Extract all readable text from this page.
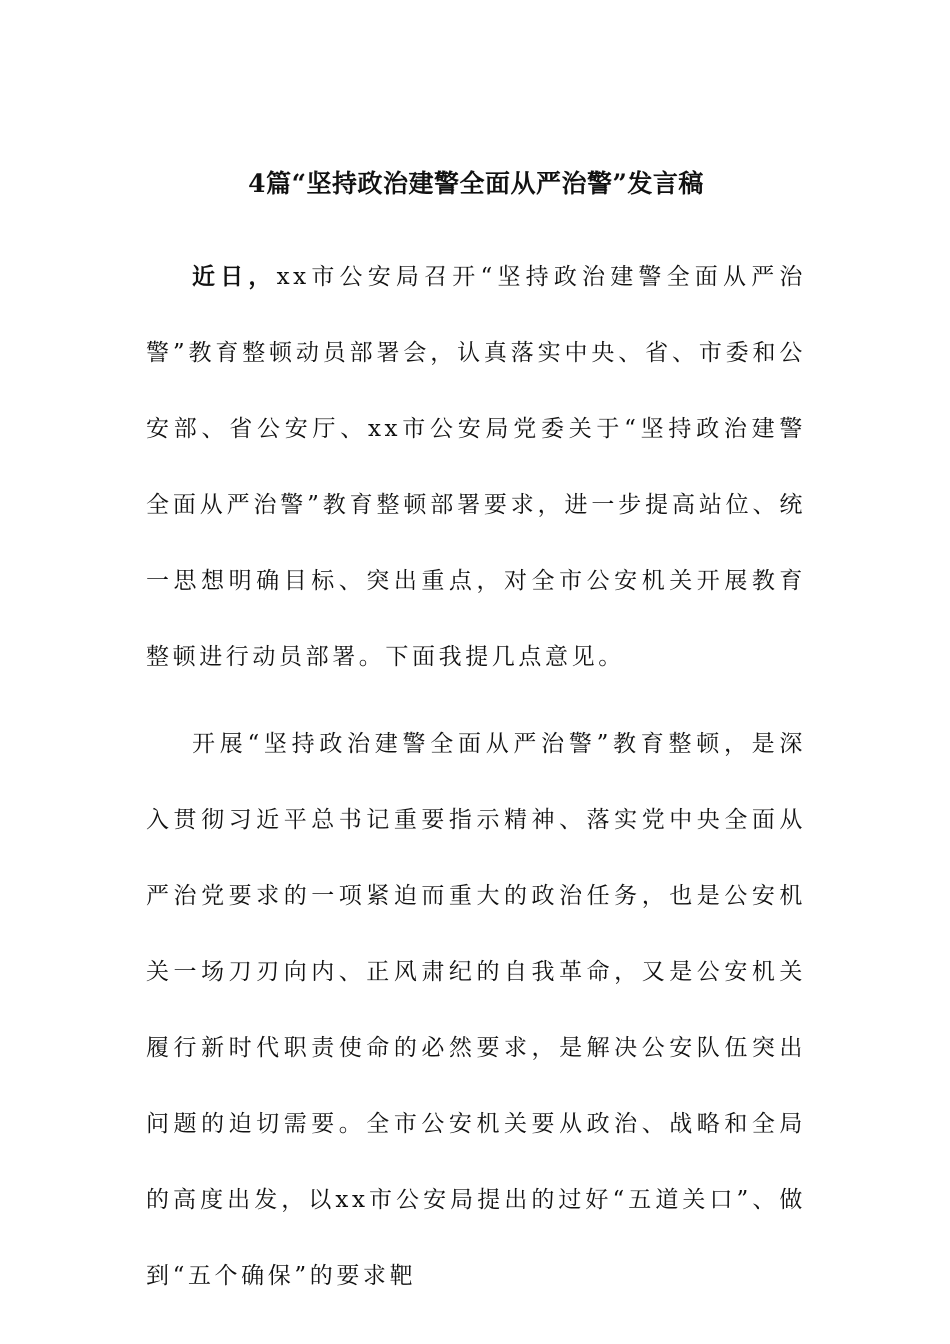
4篇“坚持政治建警全面从严治警”发言稿

近日，xx市公安局召开“坚持政治建警全面从严治警”教育整顿动员部署会，认真落实中央、省、市委和公安部、省公安厅、xx市公安局党委关于“坚持政治建警全面从严治警”教育整顿部署要求，进一步提高站位、统一思想明确目标、突出重点，对全市公安机关开展教育整顿进行动员部署。下面我提几点意见。

开展“坚持政治建警全面从严治警”教育整顿，是深入贯彻习近平总书记重要指示精神、落实党中央全面从严治党要求的一项紧迫而重大的政治任务，也是公安机关一场刀刃向内、正风肃纪的自我革命，又是公安机关履行新时代职责使命的必然要求，是解决公安队伍突出问题的迫切需要。全市公安机关要从政治、战略和全局的高度出发，以xx市公安局提出的过好“五道关口”、做到“五个确保”的要求靶
